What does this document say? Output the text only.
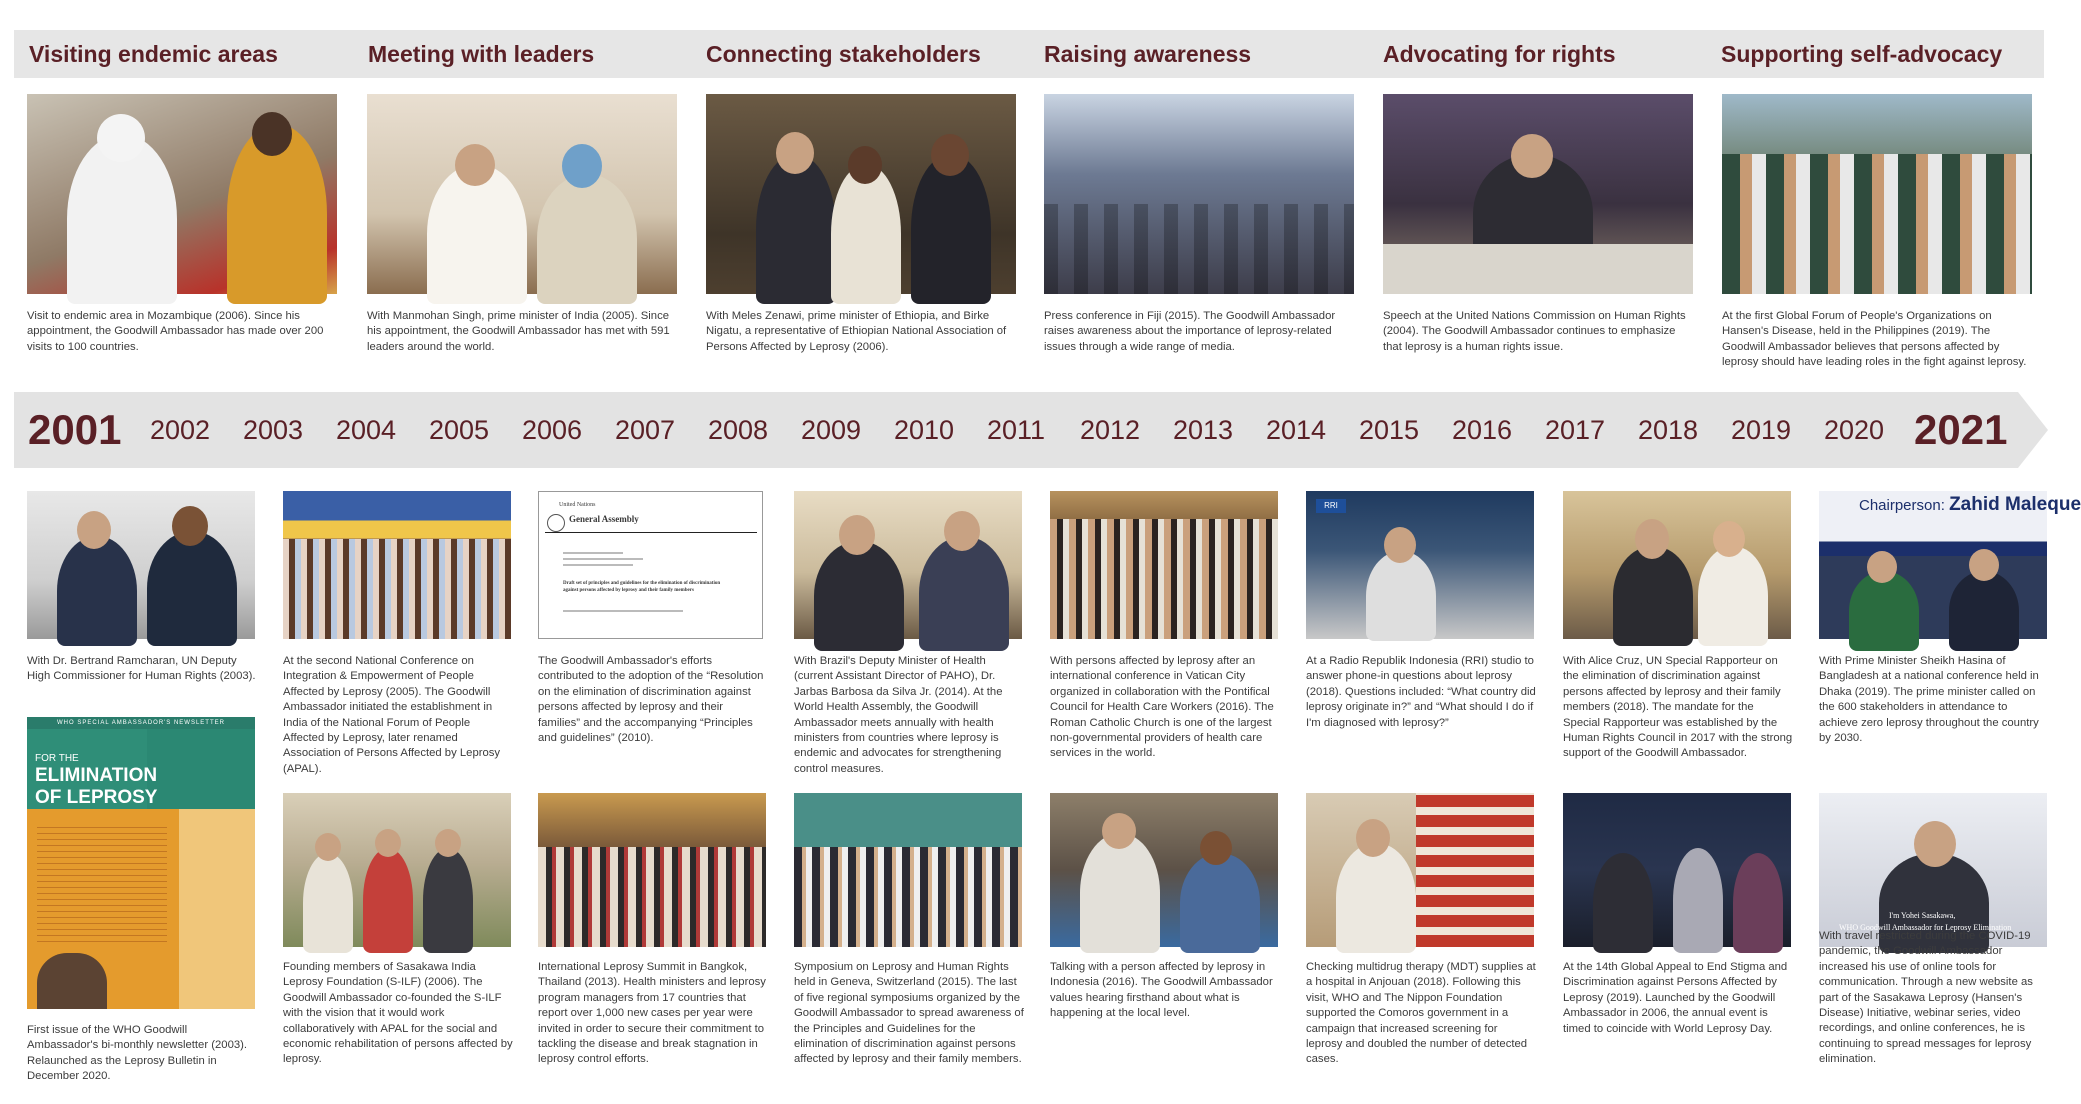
Visiting endemic areas	Meeting with leaders	Connecting stakeholders	Raising awareness	Advocating for rights	Supporting self-advocacy
Visit to endemic area in Mozambique (2006). Since his appointment, the Goodwill Ambassador has made over 200 visits to 100 countries.
With Manmohan Singh, prime minister of India (2005). Since his appointment, the Goodwill Ambassador has met with 591 leaders around the world.
With Meles Zenawi, prime minister of Ethiopia, and Birke Nigatu, a representative of Ethiopian National Association of Persons Affected by Leprosy (2006).
Press conference in Fiji (2015). The Goodwill Ambassador raises awareness about the importance of leprosy-related issues through a wide range of media.
Speech at the United Nations Commission on Human Rights (2004). The Goodwill Ambassador continues to emphasize that leprosy is a human rights issue.
At the first Global Forum of People's Organizations on Hansen's Disease, held in the Philippines (2019). The Goodwill Ambassador believes that persons affected by leprosy should have leading roles in the fight against leprosy.
2001 2002 2003 2004 2005 2006 2007 2008 2009 2010 2011 2012 2013 2014 2015 2016 2017 2018 2019 2020 2021
United Nations
General Assembly
Draft set of principles and guidelines for the elimination of discrimination against persons affected by leprosy and their family members
RRI	Chairperson: Zahid Maleque
With Dr. Bertrand Ramcharan, UN Deputy High Commissioner for Human Rights (2003).
At the second National Conference on Integration & Empowerment of People Affected by Leprosy (2005). The Goodwill Ambassador initiated the establishment in India of the National Forum of People Affected by Leprosy, later renamed Association of Persons Affected by Leprosy (APAL).
The Goodwill Ambassador's efforts contributed to the adoption of the “Resolution on the elimination of discrimination against persons affected by leprosy and their families” and the accompanying “Principles and guidelines” (2010).
With Brazil's Deputy Minister of Health (current Assistant Director of PAHO), Dr. Jarbas Barbosa da Silva Jr. (2014). At the World Health Assembly, the Goodwill Ambassador meets annually with health ministers from countries where leprosy is endemic and advocates for strengthening control measures.
With persons affected by leprosy after an international conference in Vatican City organized in collaboration with the Pontifical Council for Health Care Workers (2016). The Roman Catholic Church is one of the largest non-governmental providers of health care services in the world.
At a Radio Republik Indonesia (RRI) studio to answer phone-in questions about leprosy (2018). Questions included: “What country did leprosy originate in?” and “What should I do if I'm diagnosed with leprosy?”
With Alice Cruz, UN Special Rapporteur on the elimination of discrimination against persons affected by leprosy and their family members (2018). The mandate for the Special Rapporteur was established by the Human Rights Council in 2017 with the strong support of the Goodwill Ambassador.
With Prime Minister Sheikh Hasina of Bangladesh at a national conference held in Dhaka (2019). The prime minister called on the 600 stakeholders in attendance to achieve zero leprosy throughout the country by 2030.
WHO SPECIAL AMBASSADOR'S NEWSLETTER
FOR THE
ELIMINATION
OF LEPROSY
I'm Yohei Sasakawa,
WHO Goodwill Ambassador for Leprosy Elimination
First issue of the WHO Goodwill Ambassador's bi-monthly newsletter (2003). Relaunched as the Leprosy Bulletin in December 2020.
Founding members of Sasakawa India Leprosy Foundation (S-ILF) (2006). The Goodwill Ambassador co-founded the S-ILF with the vision that it would work collaboratively with APAL for the social and economic rehabilitation of persons affected by leprosy.
International Leprosy Summit in Bangkok, Thailand (2013). Health ministers and leprosy program managers from 17 countries that report over 1,000 new cases per year were invited in order to secure their commitment to tackling the disease and break stagnation in leprosy control efforts.
Symposium on Leprosy and Human Rights held in Geneva, Switzerland (2015). The last of five regional symposiums organized by the Goodwill Ambassador to spread awareness of the Principles and Guidelines for the elimination of discrimination against persons affected by leprosy and their family members.
Talking with a person affected by leprosy in Indonesia (2016). The Goodwill Ambassador values hearing firsthand about what is happening at the local level.
Checking multidrug therapy (MDT) supplies at a hospital in Anjouan (2018). Following this visit, WHO and The Nippon Foundation supported the Comoros government in a campaign that increased screening for leprosy and doubled the number of detected cases.
At the 14th Global Appeal to End Stigma and Discrimination against Persons Affected by Leprosy (2019). Launched by the Goodwill Ambassador in 2006, the annual event is timed to coincide with World Leprosy Day.
With travel restricted during the COVID-19 pandemic, the Goodwill Ambassador increased his use of online tools for communication. Through a new website as part of the Sasakawa Leprosy (Hansen's Disease) Initiative, webinar series, video recordings, and online conferences, he is continuing to spread messages for leprosy elimination.
